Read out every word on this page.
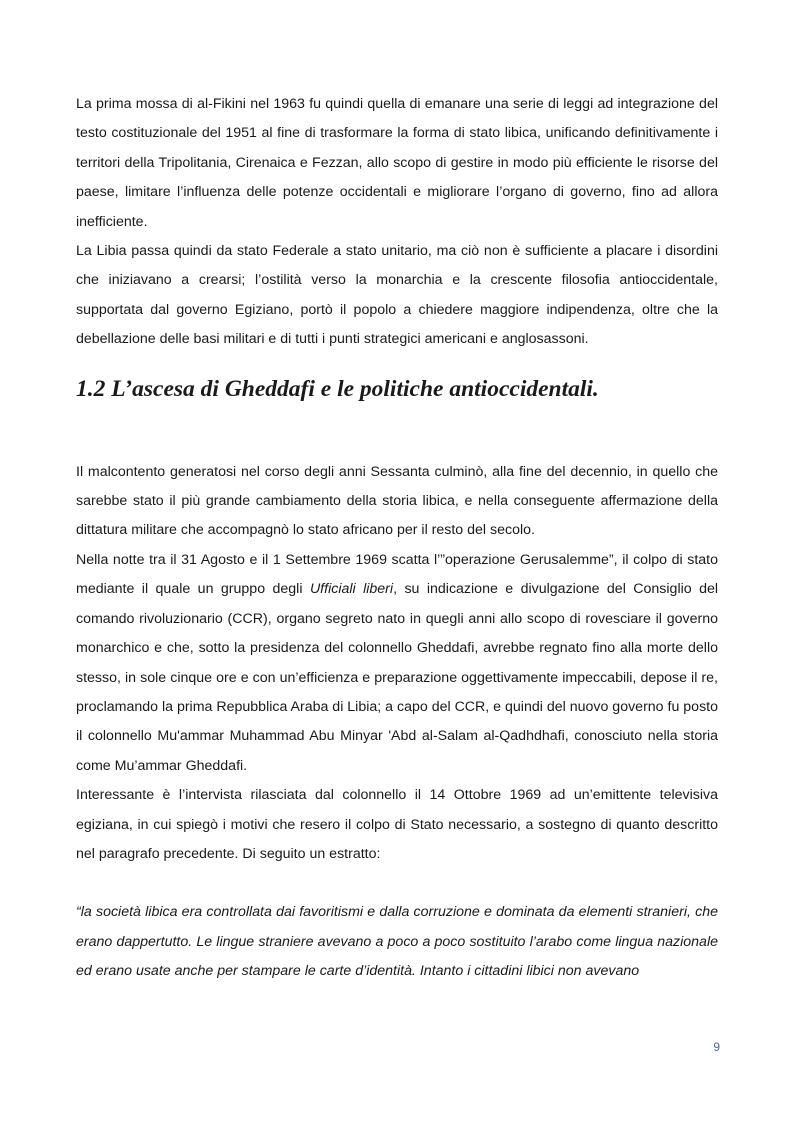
La prima mossa di al-Fikini nel 1963 fu quindi quella di emanare una serie di leggi ad integrazione del testo costituzionale del 1951 al fine di trasformare la forma di stato libica, unificando definitivamente i territori della Tripolitania, Cirenaica e Fezzan, allo scopo di gestire in modo più efficiente le risorse del paese, limitare l’influenza delle potenze occidentali e migliorare l’organo di governo, fino ad allora inefficiente.

La Libia passa quindi da stato Federale a stato unitario, ma ciò non è sufficiente a placare i disordini che iniziavano a crearsi; l’ostilità verso la monarchia e la crescente filosofia antioccidentale, supportata dal governo Egiziano, portò il popolo a chiedere maggiore indipendenza, oltre che la debellazione delle basi militari e di tutti i punti strategici americani e anglosassoni.

1.2 L’ascesa di Gheddafi e le politiche antioccidentali.

Il malcontento generatosi nel corso degli anni Sessanta culminò, alla fine del decennio, in quello che sarebbe stato il più grande cambiamento della storia libica, e nella conseguente affermazione della dittatura militare che accompagnò lo stato africano per il resto del secolo.

Nella notte tra il 31 Agosto e il 1 Settembre 1969 scatta l’”operazione Gerusalemme”, il colpo di stato mediante il quale un gruppo degli Ufficiali liberi, su indicazione e divulgazione del Consiglio del comando rivoluzionario (CCR), organo segreto nato in quegli anni allo scopo di rovesciare il governo monarchico e che, sotto la presidenza del colonnello Gheddafi, avrebbe regnato fino alla morte dello stesso, in sole cinque ore e con un’efficienza e preparazione oggettivamente impeccabili, depose il re, proclamando la prima Repubblica Araba di Libia; a capo del CCR, e quindi del nuovo governo fu posto il colonnello Mu'ammar Muhammad Abu Minyar 'Abd al-Salam al-Qadhdhafi, conosciuto nella storia come Mu’ammar Gheddafi.

Interessante è l’intervista rilasciata dal colonnello il 14 Ottobre 1969 ad un’emittente televisiva egiziana, in cui spiegò i motivi che resero il colpo di Stato necessario, a sostegno di quanto descritto nel paragrafo precedente. Di seguito un estratto:

“la società libica era controllata dai favoritismi e dalla corruzione e dominata da elementi stranieri, che erano dappertutto. Le lingue straniere avevano a poco a poco sostituito l’arabo come lingua nazionale ed erano usate anche per stampare le carte d’identità. Intanto i cittadini libici non avevano

9
